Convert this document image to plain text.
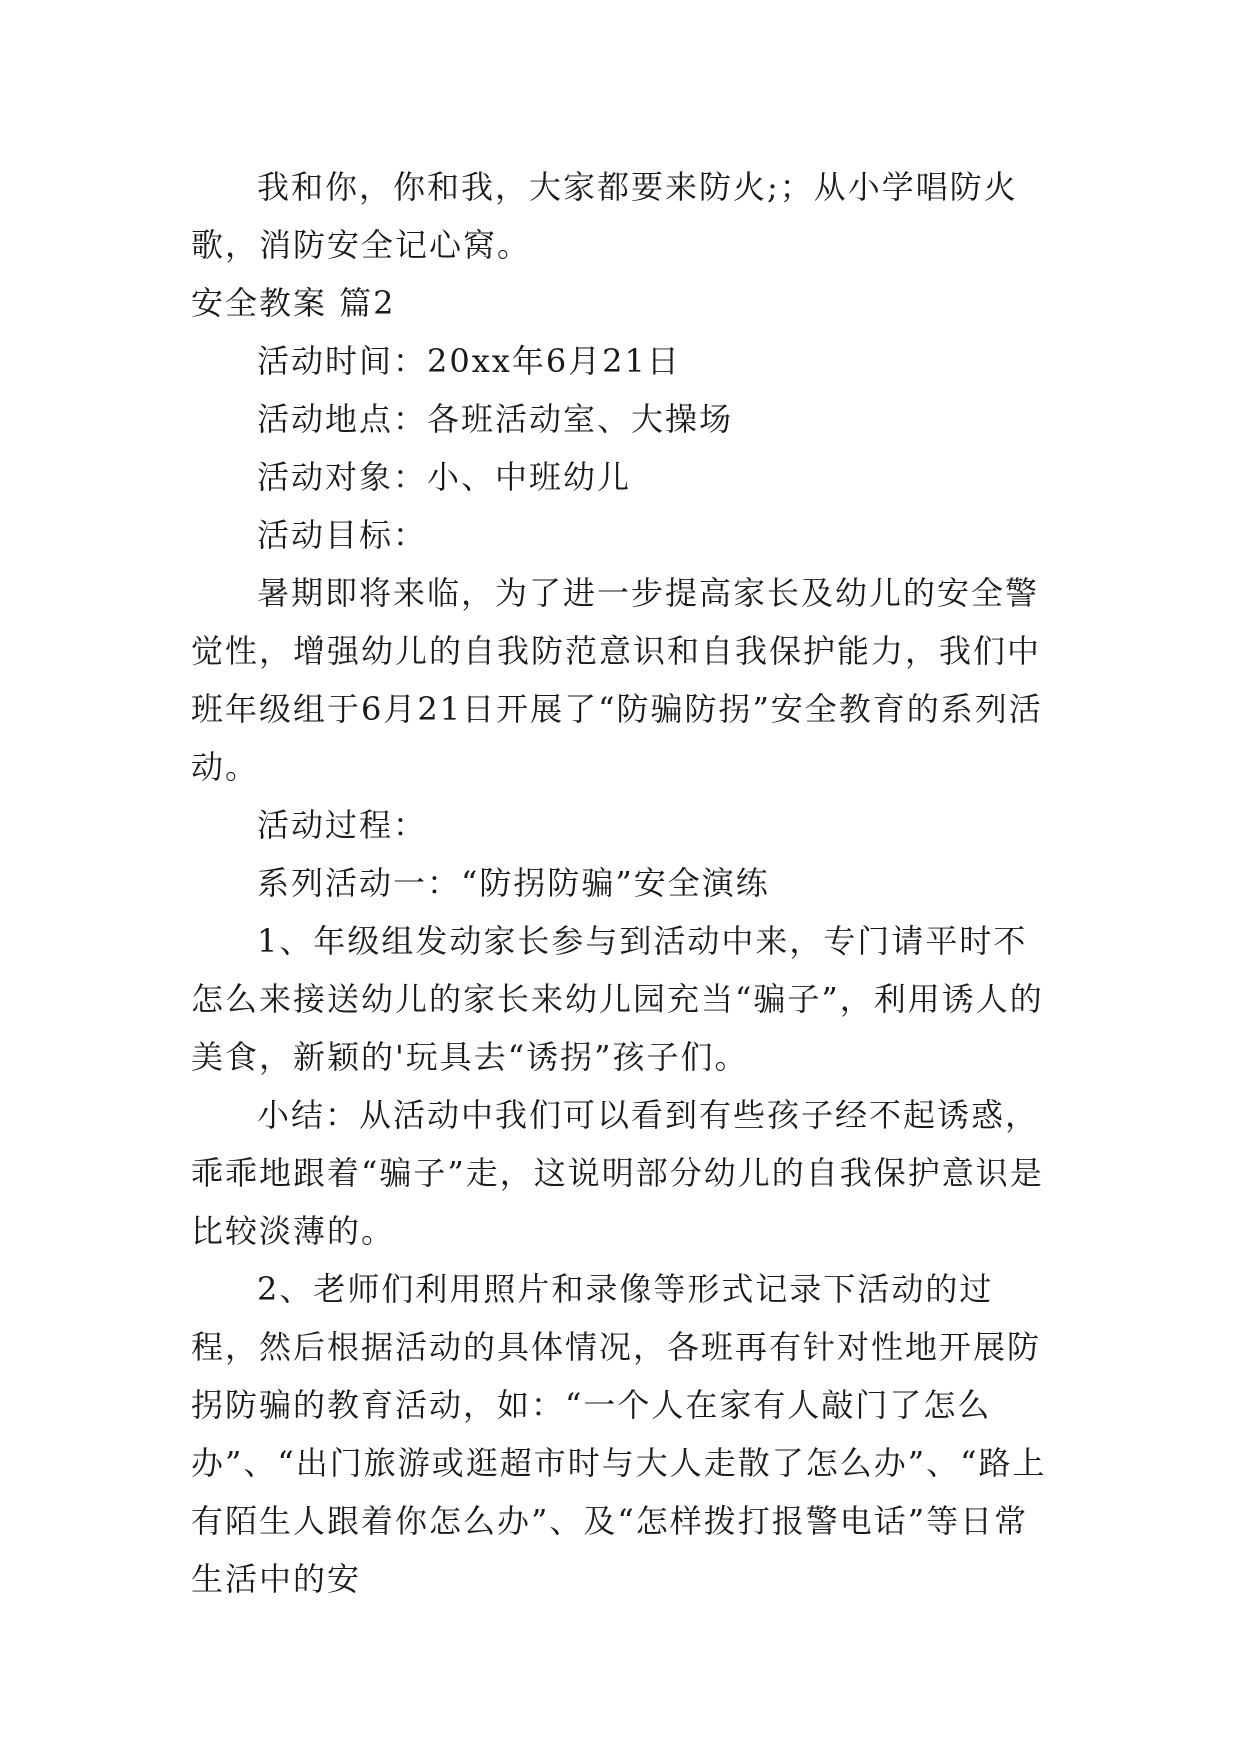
我和你，你和我，大家都要来防火;；从小学唱防火歌，消防安全记心窝。

安全教案 篇2

活动时间：20xx年6月21日

活动地点：各班活动室、大操场

活动对象：小、中班幼儿

活动目标：

暑期即将来临，为了进一步提高家长及幼儿的安全警觉性，增强幼儿的自我防范意识和自我保护能力，我们中班年级组于6月21日开展了“防骗防拐”安全教育的系列活动。

活动过程：

系列活动一：“防拐防骗”安全演练

1、年级组发动家长参与到活动中来，专门请平时不怎么来接送幼儿的家长来幼儿园充当“骗子”，利用诱人的美食，新颖的'玩具去“诱拐”孩子们。

小结：从活动中我们可以看到有些孩子经不起诱惑，乖乖地跟着“骗子”走，这说明部分幼儿的自我保护意识是比较淡薄的。

2、老师们利用照片和录像等形式记录下活动的过程，然后根据活动的具体情况，各班再有针对性地开展防拐防骗的教育活动，如：“一个人在家有人敲门了怎么办”、“出门旅游或逛超市时与大人走散了怎么办”、“路上有陌生人跟着你怎么办”、及“怎样拨打报警电话”等日常生活中的安
